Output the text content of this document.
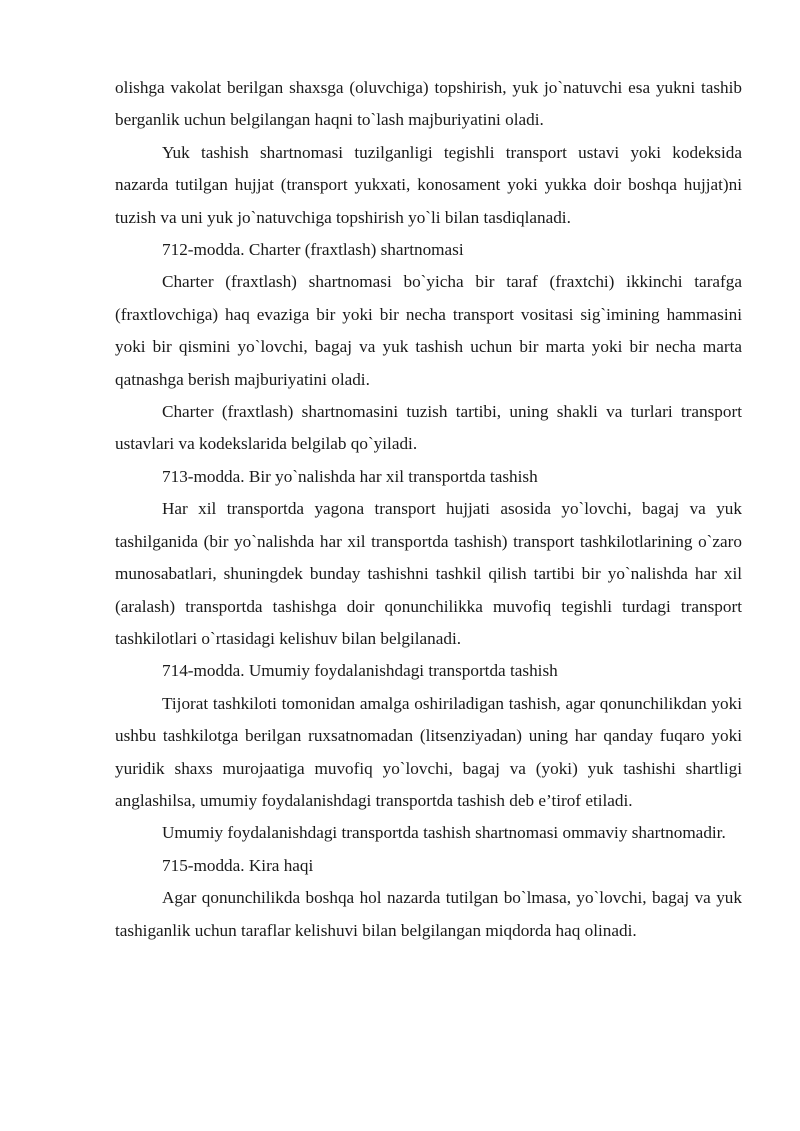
olishga vakolat berilgan shaxsga (oluvchiga) topshirish, yuk jo`natuvchi esa yukni tashib berganlik uchun belgilangan haqni to`lash majburiyatini oladi.

Yuk tashish shartnomasi tuzilganligi tegishli transport ustavi yoki kodeksida nazarda tutilgan hujjat (transport yukxati, konosament yoki yukka doir boshqa hujjat)ni tuzish va uni yuk jo`natuvchiga topshirish yo`li bilan tasdiqlanadi.

712-modda. Charter (fraxtlash) shartnomasi

Charter (fraxtlash) shartnomasi bo`yicha bir taraf (fraxtchi) ikkinchi tarafga (fraxtlovchiga) haq evaziga bir yoki bir necha transport vositasi sig`imining hammasini yoki bir qismini yo`lovchi, bagaj va yuk tashish uchun bir marta yoki bir necha marta qatnashga berish majburiyatini oladi.

Charter (fraxtlash) shartnomasini tuzish tartibi, uning shakli va turlari transport ustavlari va kodekslarida belgilab qo`yiladi.

713-modda. Bir yo`nalishda har xil transportda tashish

Har xil transportda yagona transport hujjati asosida yo`lovchi, bagaj va yuk tashilganida (bir yo`nalishda har xil transportda tashish) transport tashkilotlarining o`zaro munosabatlari, shuningdek bunday tashishni tashkil qilish tartibi bir yo`nalishda har xil (aralash) transportda tashishga doir qonunchilikka muvofiq tegishli turdagi transport tashkilotlari o`rtasidagi kelishuv bilan belgilanadi.

714-modda. Umumiy foydalanishdagi transportda tashish

Tijorat tashkiloti tomonidan amalga oshiriladigan tashish, agar qonunchilikdan yoki ushbu tashkilotga berilgan ruxsatnomadan (litsenziyadan) uning har qanday fuqaro yoki yuridik shaxs murojaatiga muvofiq yo`lovchi, bagaj va (yoki) yuk tashishi shartligi anglashilsa, umumiy foydalanishdagi transportda tashish deb e’tirof etiladi.

Umumiy foydalanishdagi transportda tashish shartnomasi ommaviy shartnomadir.

715-modda. Kira haqi

Agar qonunchilikda boshqa hol nazarda tutilgan bo`lmasa, yo`lovchi, bagaj va yuk tashiganlik uchun taraflar kelishuvi bilan belgilangan miqdorda haq olinadi.
